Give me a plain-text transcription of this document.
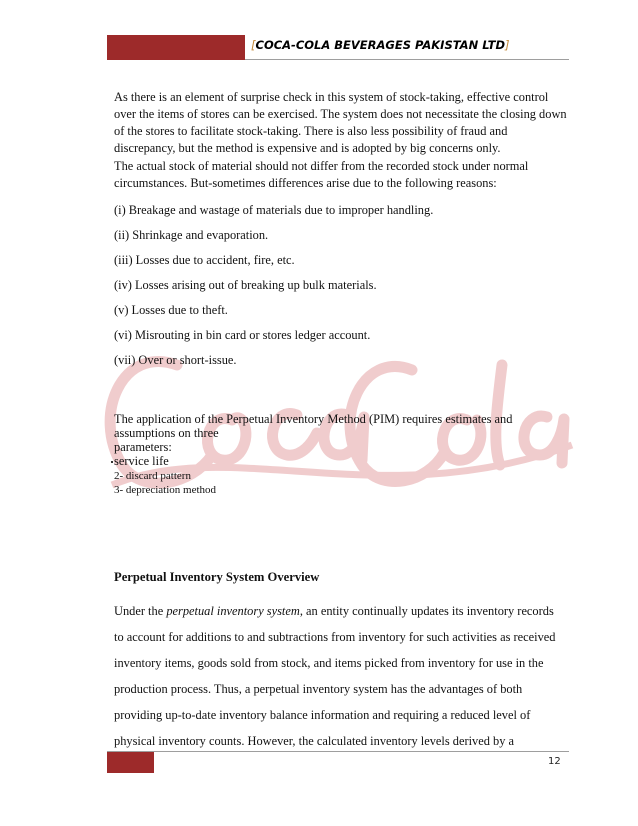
[COCA-COLA BEVERAGES PAKISTAN LTD]
As there is an element of surprise check in this system of stock-taking, effective control over the items of stores can be exercised. The system does not necessitate the closing down of the stores to facilitate stock-taking. There is also less possibility of fraud and discrepancy, but the method is expensive and is adopted by big concerns only.
The actual stock of material should not differ from the recorded stock under normal circumstances. But-sometimes differences arise due to the following reasons:
(i) Breakage and wastage of materials due to improper handling.
(ii) Shrinkage and evaporation.
(iii) Losses due to accident, fire, etc.
(iv) Losses arising out of breaking up bulk materials.
(v) Losses due to theft.
(vi) Misrouting in bin card or stores ledger account.
(vii) Over or short-issue.
The application of the Perpetual Inventory Method (PIM) requires estimates and
assumptions on three
parameters:
service life
2- discard pattern
3- depreciation method
Perpetual Inventory System Overview
Under the perpetual inventory system, an entity continually updates its inventory records
to account for additions to and subtractions from inventory for such activities as received
inventory items, goods sold from stock, and items picked from inventory for use in the
production process. Thus, a perpetual inventory system has the advantages of both
providing up-to-date inventory balance information and requiring a reduced level of
physical inventory counts. However, the calculated inventory levels derived by a
12
